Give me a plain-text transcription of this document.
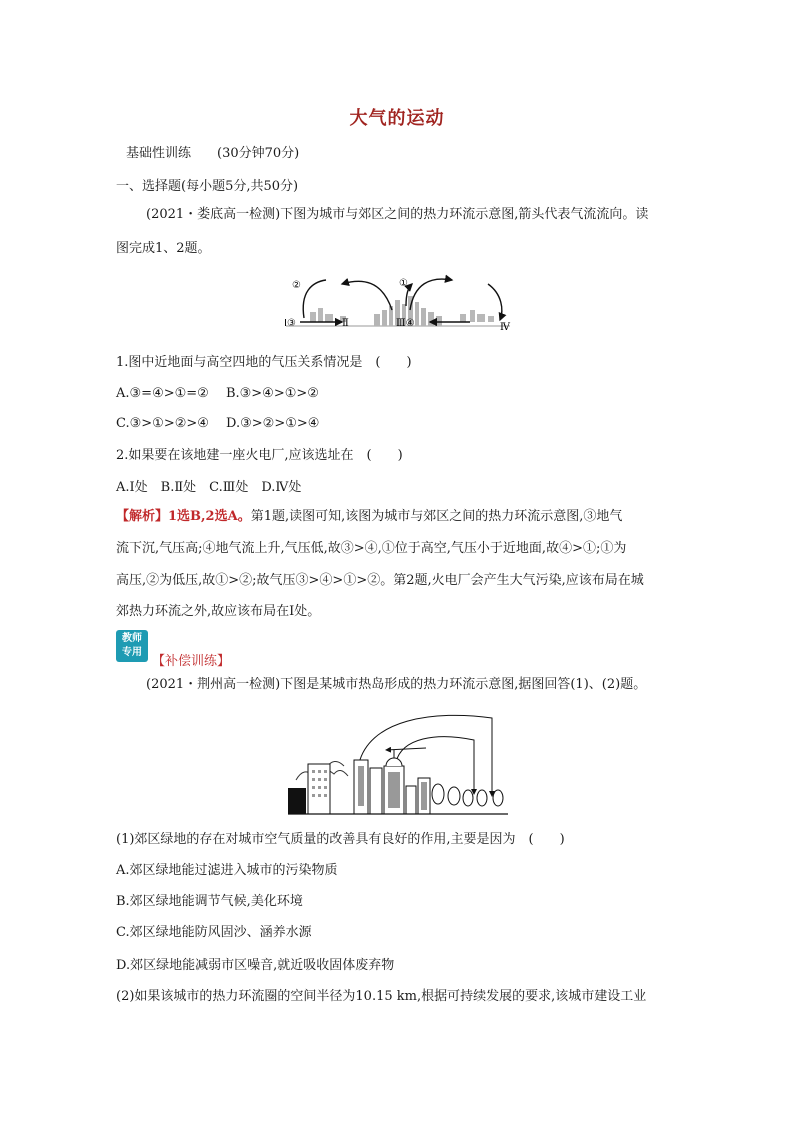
大气的运动
基础性训练　　(30分钟70分)
一、选择题(每小题5分,共50分)
(2021・娄底高一检测)下图为城市与郊区之间的热力环流示意图,箭头代表气流流向。读
图完成1、2题。
②	①
Ⅰ③	Ⅱ	Ⅲ④	Ⅳ
1.图中近地面与高空四地的气压关系情况是　(　　)
A.③=④>①=②　 B.③>④>①>②
C.③>①>②>④　 D.③>②>①>④
2.如果要在该地建一座火电厂,应该选址在　(　　)
A.Ⅰ处　B.Ⅱ处　C.Ⅲ处　D.Ⅳ处
【解析】1选B,2选A。第1题,读图可知,该图为城市与郊区之间的热力环流示意图,③地气
流下沉,气压高;④地气流上升,气压低,故③>④,①位于高空,气压小于近地面,故④>①;①为
高压,②为低压,故①>②;故气压③>④>①>②。第2题,火电厂会产生大气污染,应该布局在城
郊热力环流之外,故应该布局在Ⅰ处。
教师
专用
【补偿训练】
(2021・荆州高一检测)下图是某城市热岛形成的热力环流示意图,据图回答(1)、(2)题。
(1)郊区绿地的存在对城市空气质量的改善具有良好的作用,主要是因为　(　　)
A.郊区绿地能过滤进入城市的污染物质
B.郊区绿地能调节气候,美化环境
C.郊区绿地能防风固沙、涵养水源
D.郊区绿地能减弱市区噪音,就近吸收固体废弃物
(2)如果该城市的热力环流圈的空间半径为10.15 km,根据可持续发展的要求,该城市建设工业
